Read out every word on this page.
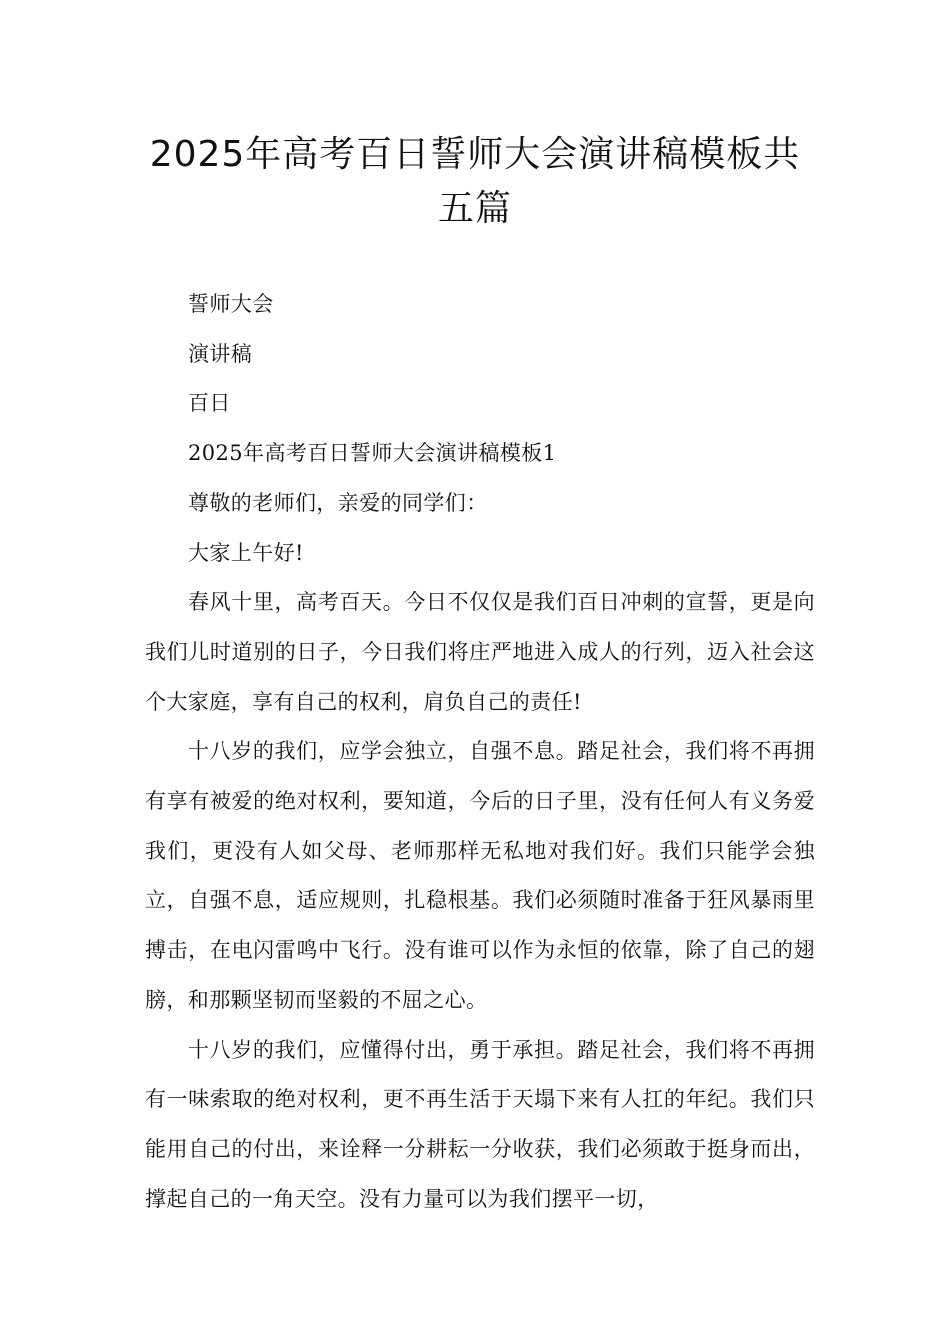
2025年高考百日誓师大会演讲稿模板共
五篇

誓师大会

演讲稿

百日

2025年高考百日誓师大会演讲稿模板1

尊敬的老师们，亲爱的同学们：

大家上午好!

春风十里，高考百天。今日不仅仅是我们百日冲刺的宣誓，更是向我们儿时道别的日子，今日我们将庄严地进入成人的行列，迈入社会这个大家庭，享有自己的权利，肩负自己的责任!

十八岁的我们，应学会独立，自强不息。踏足社会，我们将不再拥有享有被爱的绝对权利，要知道，今后的日子里，没有任何人有义务爱我们，更没有人如父母、老师那样无私地对我们好。我们只能学会独立，自强不息，适应规则，扎稳根基。我们必须随时准备于狂风暴雨里搏击，在电闪雷鸣中飞行。没有谁可以作为永恒的依靠，除了自己的翅膀，和那颗坚韧而坚毅的不屈之心。

十八岁的我们，应懂得付出，勇于承担。踏足社会，我们将不再拥有一味索取的绝对权利，更不再生活于天塌下来有人扛的年纪。我们只能用自己的付出，来诠释一分耕耘一分收获，我们必须敢于挺身而出，撑起自己的一角天空。没有力量可以为我们摆平一切，
